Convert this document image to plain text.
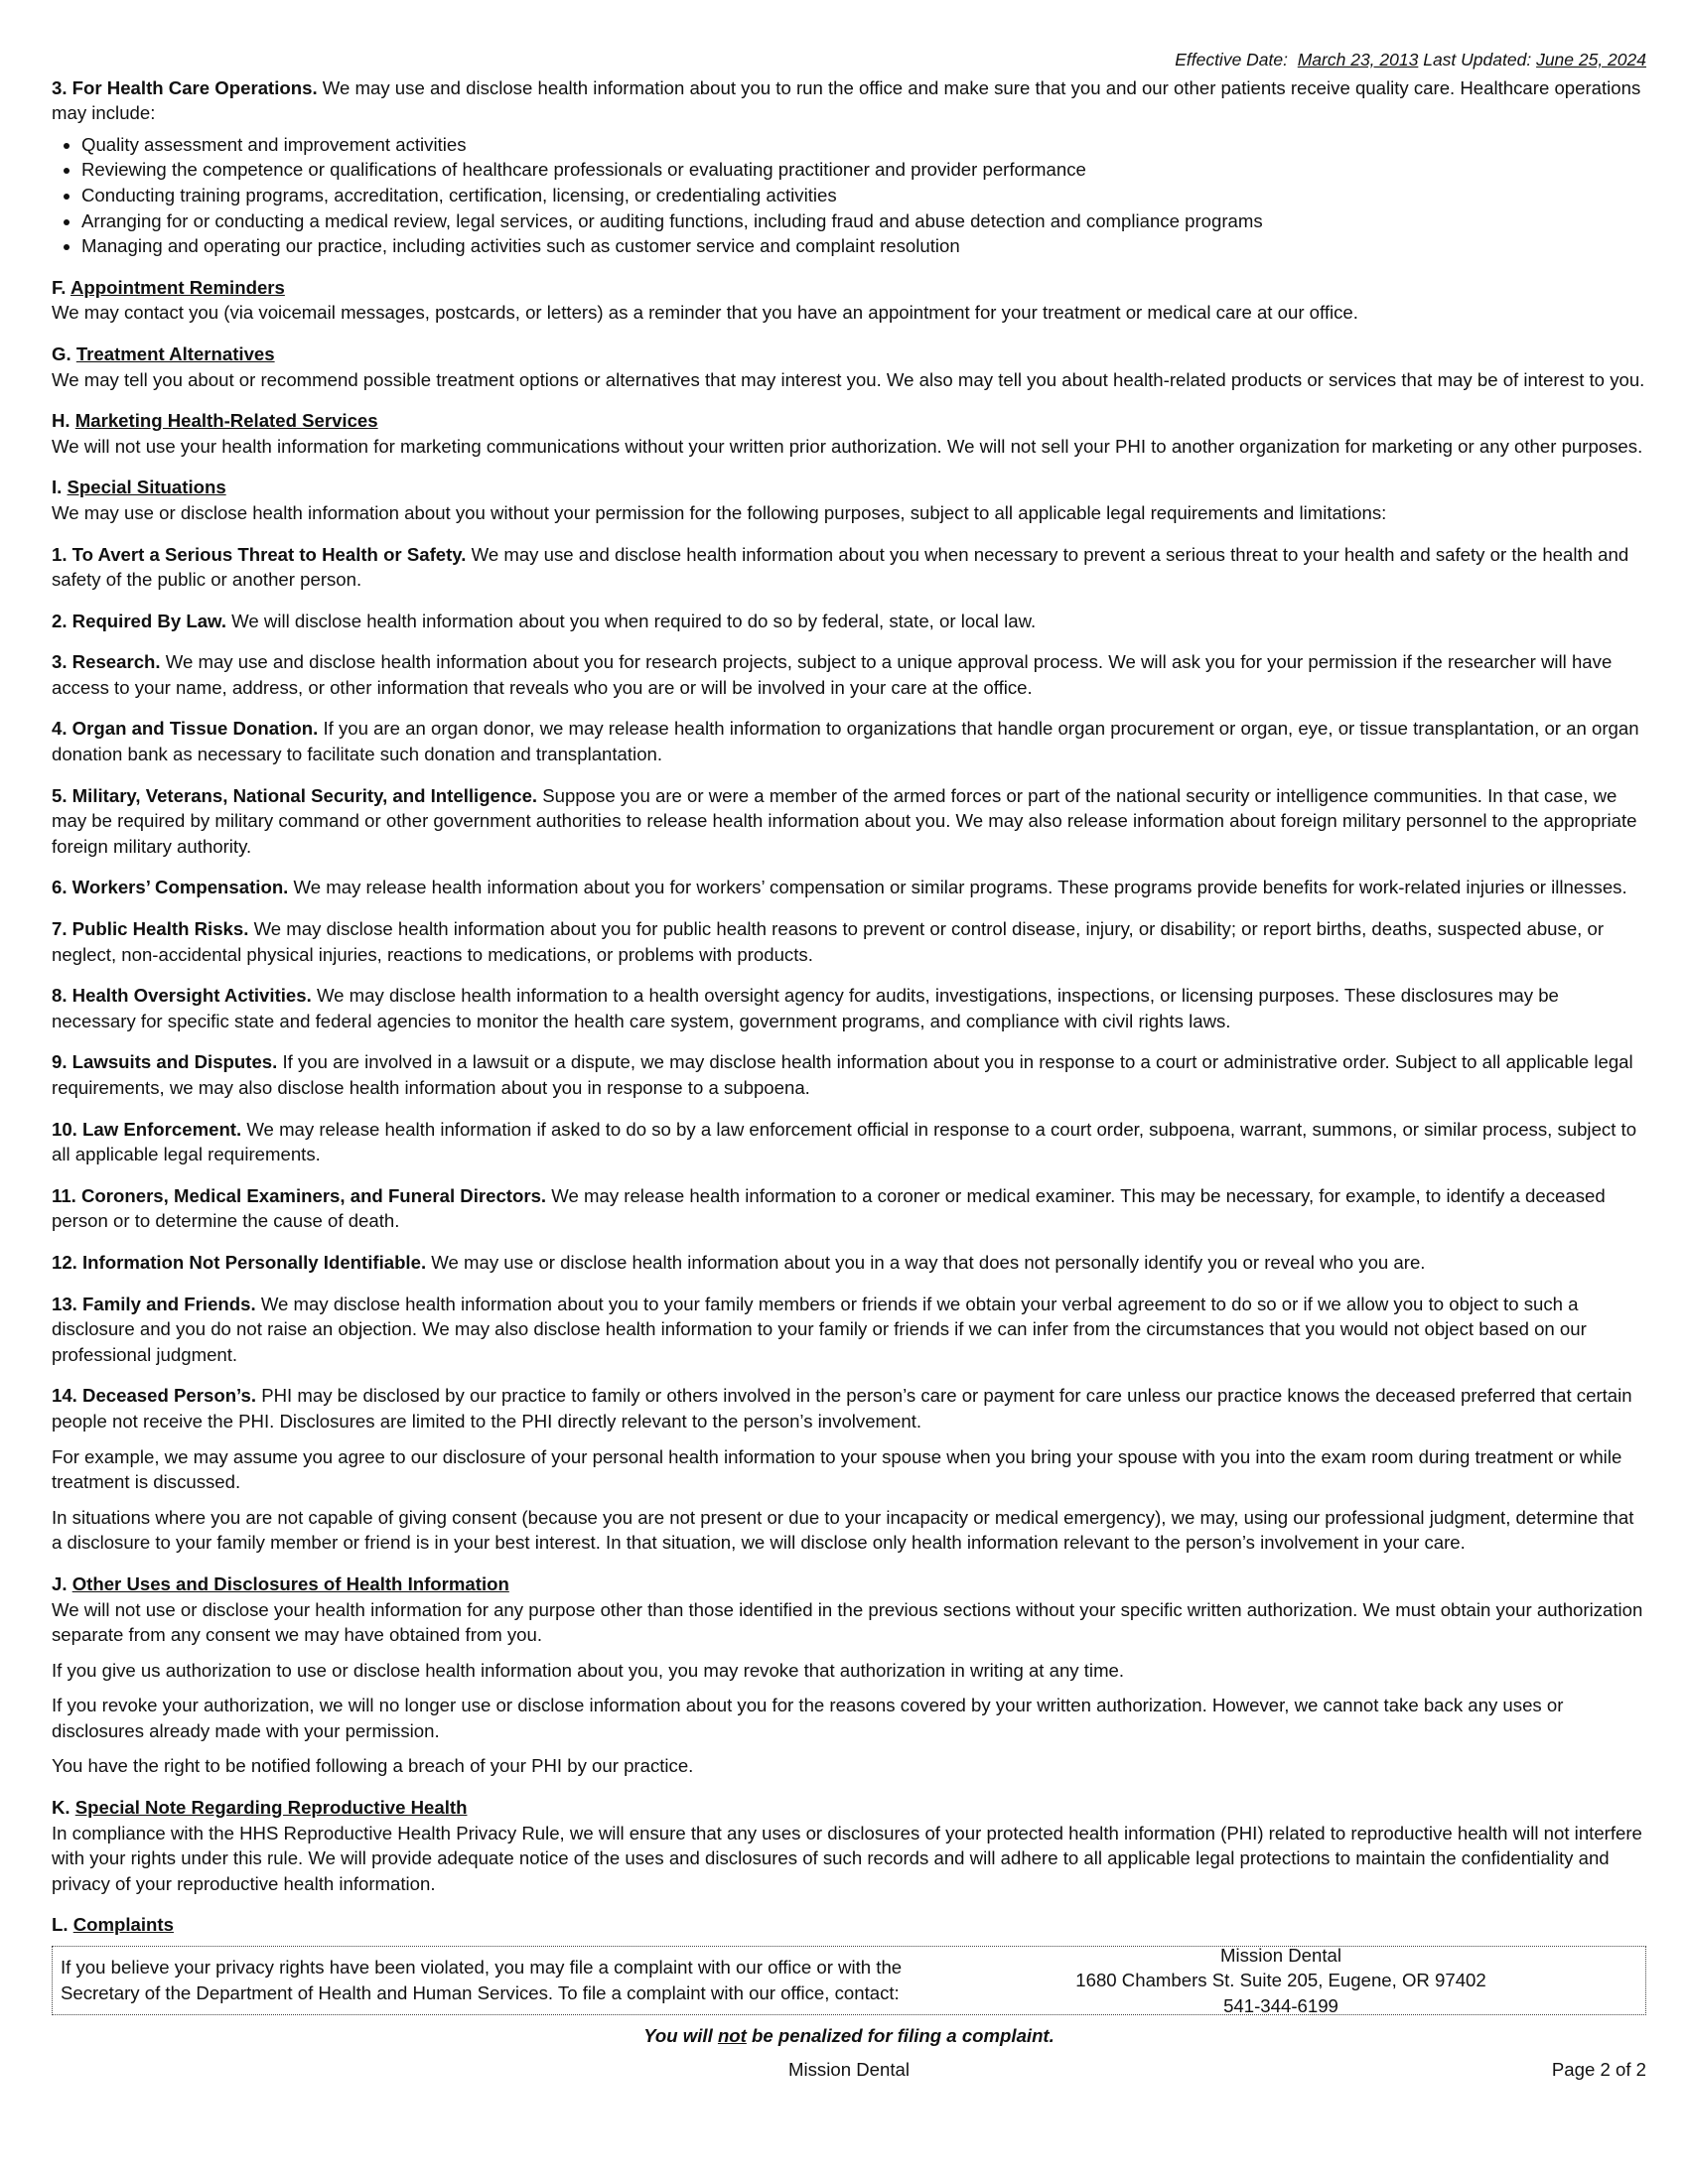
Effective Date: March 23, 2013 Last Updated: June 25, 2024

3. For Health Care Operations. We may use and disclose health information about you to run the office and make sure that you and our other patients receive quality care. Healthcare operations may include:

• Quality assessment and improvement activities
• Reviewing the competence or qualifications of healthcare professionals or evaluating practitioner and provider performance
• Conducting training programs, accreditation, certification, licensing, or credentialing activities
• Arranging for or conducting a medical review, legal services, or auditing functions, including fraud and abuse detection and compliance programs
• Managing and operating our practice, including activities such as customer service and complaint resolution
F. Appointment Reminders
We may contact you (via voicemail messages, postcards, or letters) as a reminder that you have an appointment for your treatment or medical care at our office.
G. Treatment Alternatives
We may tell you about or recommend possible treatment options or alternatives that may interest you. We also may tell you about health-related products or services that may be of interest to you.
H. Marketing Health-Related Services
We will not use your health information for marketing communications without your written prior authorization. We will not sell your PHI to another organization for marketing or any other purposes.
I. Special Situations
We may use or disclose health information about you without your permission for the following purposes, subject to all applicable legal requirements and limitations:

1. To Avert a Serious Threat to Health or Safety. We may use and disclose health information about you when necessary to prevent a serious threat to your health and safety or the health and safety of the public or another person.

2. Required By Law. We will disclose health information about you when required to do so by federal, state, or local law.

3. Research. We may use and disclose health information about you for research projects, subject to a unique approval process. We will ask you for your permission if the researcher will have access to your name, address, or other information that reveals who you are or will be involved in your care at the office.

4. Organ and Tissue Donation. If you are an organ donor, we may release health information to organizations that handle organ procurement or organ, eye, or tissue transplantation, or an organ donation bank as necessary to facilitate such donation and transplantation.

5. Military, Veterans, National Security, and Intelligence. Suppose you are or were a member of the armed forces or part of the national security or intelligence communities. In that case, we may be required by military command or other government authorities to release health information about you. We may also release information about foreign military personnel to the appropriate foreign military authority.

6. Workers’ Compensation. We may release health information about you for workers’ compensation or similar programs. These programs provide benefits for work-related injuries or illnesses.

7. Public Health Risks. We may disclose health information about you for public health reasons to prevent or control disease, injury, or disability; or report births, deaths, suspected abuse, or neglect, non-accidental physical injuries, reactions to medications, or problems with products.

8. Health Oversight Activities. We may disclose health information to a health oversight agency for audits, investigations, inspections, or licensing purposes. These disclosures may be necessary for specific state and federal agencies to monitor the health care system, government programs, and compliance with civil rights laws.

9. Lawsuits and Disputes. If you are involved in a lawsuit or a dispute, we may disclose health information about you in response to a court or administrative order. Subject to all applicable legal requirements, we may also disclose health information about you in response to a subpoena.

10. Law Enforcement. We may release health information if asked to do so by a law enforcement official in response to a court order, subpoena, warrant, summons, or similar process, subject to all applicable legal requirements.

11. Coroners, Medical Examiners, and Funeral Directors. We may release health information to a coroner or medical examiner. This may be necessary, for example, to identify a deceased person or to determine the cause of death.

12. Information Not Personally Identifiable. We may use or disclose health information about you in a way that does not personally identify you or reveal who you are.

13. Family and Friends. We may disclose health information about you to your family members or friends if we obtain your verbal agreement to do so or if we allow you to object to such a disclosure and you do not raise an objection. We may also disclose health information to your family or friends if we can infer from the circumstances that you would not object based on our professional judgment.

14. Deceased Person’s. PHI may be disclosed by our practice to family or others involved in the person’s care or payment for care unless our practice knows the deceased preferred that certain people not receive the PHI. Disclosures are limited to the PHI directly relevant to the person’s involvement.

For example, we may assume you agree to our disclosure of your personal health information to your spouse when you bring your spouse with you into the exam room during treatment or while treatment is discussed.

In situations where you are not capable of giving consent (because you are not present or due to your incapacity or medical emergency), we may, using our professional judgment, determine that a disclosure to your family member or friend is in your best interest. In that situation, we will disclose only health information relevant to the person’s involvement in your care.

J. Other Uses and Disclosures of Health Information

We will not use or disclose your health information for any purpose other than those identified in the previous sections without your specific written authorization. We must obtain your authorization separate from any consent we may have obtained from you.

If you give us authorization to use or disclose health information about you, you may revoke that authorization in writing at any time.

If you revoke your authorization, we will no longer use or disclose information about you for the reasons covered by your written authorization. However, we cannot take back any uses or disclosures already made with your permission.

You have the right to be notified following a breach of your PHI by our practice.

K. Special Note Regarding Reproductive Health
In compliance with the HHS Reproductive Health Privacy Rule, we will ensure that any uses or disclosures of your protected health information (PHI) related to reproductive health will not interfere with your rights under this rule. We will provide adequate notice of the uses and disclosures of such records and will adhere to all applicable legal protections to maintain the confidentiality and privacy of your reproductive health information.
L. Complaints
If you believe your privacy rights have been violated, you may file a complaint with our office or with the Secretary of the Department of Health and Human Services. To file a complaint with our office, contact:
Mission Dental
1680 Chambers St. Suite 205, Eugene, OR 97402
541-344-6199
You will not be penalized for filing a complaint.
Mission Dental	Page 2 of 2
